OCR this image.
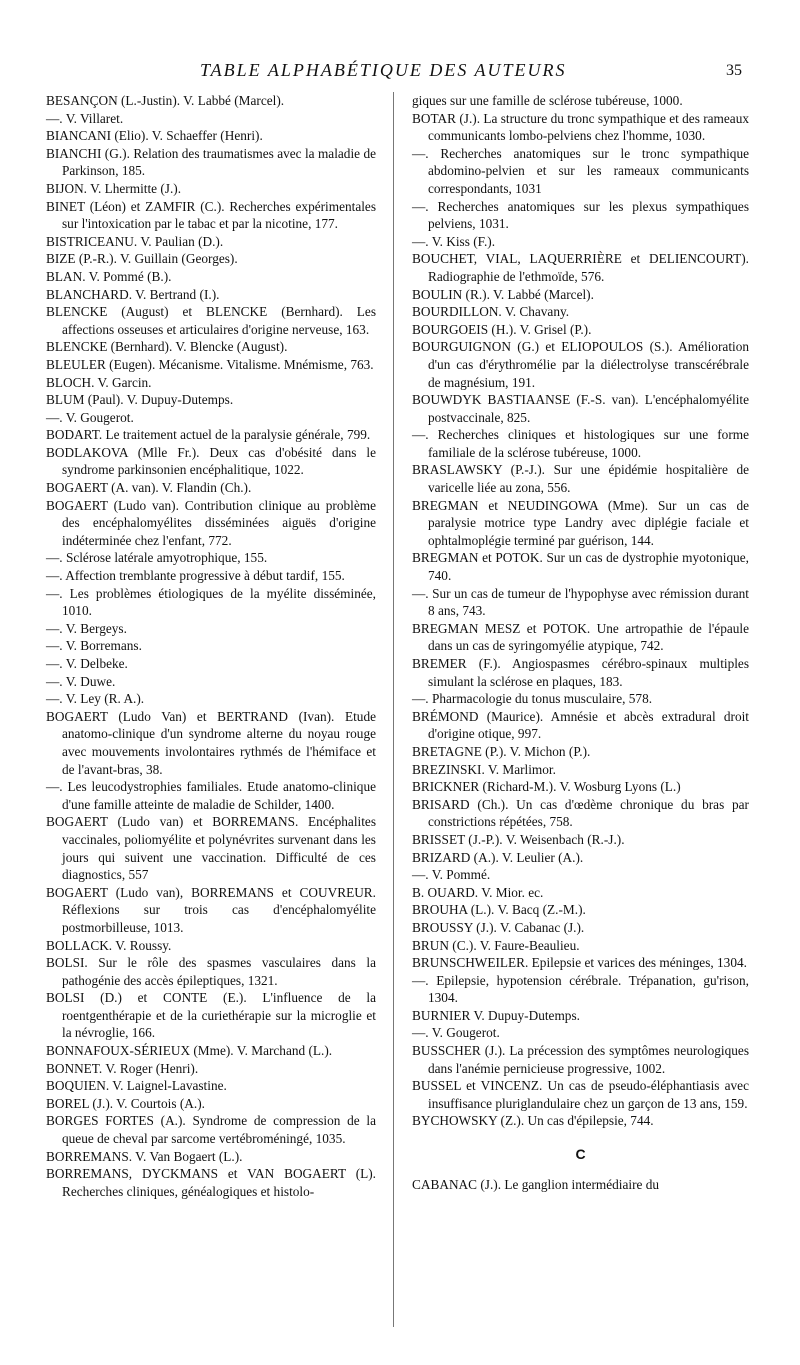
TABLE ALPHABÉTIQUE DES AUTEURS	35

BESANÇON (L.-Justin). V. Labbé (Marcel).

—. V. Villaret.

BIANCANI (Elio). V. Schaeffer (Henri).

BIANCHI (G.). Relation des traumatismes avec la maladie de Parkinson, 185.

BIJON. V. Lhermitte (J.).

BINET (Léon) et ZAMFIR (C.). Recherches expérimentales sur l'intoxication par le tabac et par la nicotine, 177.

BISTRICEANU. V. Paulian (D.).

BIZE (P.-R.). V. Guillain (Georges).

BLAN. V. Pommé (B.).

BLANCHARD. V. Bertrand (I.).

BLENCKE (August) et BLENCKE (Bernhard). Les affections osseuses et articulaires d'origine nerveuse, 163.

BLENCKE (Bernhard). V. Blencke (August).

BLEULER (Eugen). Mécanisme. Vitalisme. Mnémisme, 763.

BLOCH. V. Garcin.

BLUM (Paul). V. Dupuy-Dutemps.

—. V. Gougerot.

BODART. Le traitement actuel de la paralysie générale, 799.

BODLAKOVA (Mlle Fr.). Deux cas d'obésité dans le syndrome parkinsonien encéphalitique, 1022.

BOGAERT (A. van). V. Flandin (Ch.).

BOGAERT (Ludo van). Contribution clinique au problème des encéphalomyélites disséminées aiguës d'origine indéterminée chez l'enfant, 772.

—. Sclérose latérale amyotrophique, 155.

—. Affection tremblante progressive à début tardif, 155.

—. Les problèmes étiologiques de la myélite disséminée, 1010.

—. V. Bergeys.

—. V. Borremans.

—. V. Delbeke.

—. V. Duwe.

—. V. Ley (R. A.).

BOGAERT (Ludo Van) et BERTRAND (Ivan). Etude anatomo-clinique d'un syndrome alterne du noyau rouge avec mouvements involontaires rythmés de l'hémiface et de l'avant-bras, 38.

—. Les leucodystrophies familiales. Etude anatomo-clinique d'une famille atteinte de maladie de Schilder, 1400.

BOGAERT (Ludo van) et BORREMANS. Encéphalites vaccinales, poliomyélite et polynévrites survenant dans les jours qui suivent une vaccination. Difficulté de ces diagnostics, 557

BOGAERT (Ludo van), BORREMANS et COUVREUR. Réflexions sur trois cas d'encéphalomyélite postmorbilleuse, 1013.

BOLLACK. V. Roussy.

BOLSI. Sur le rôle des spasmes vasculaires dans la pathogénie des accès épileptiques, 1321.

BOLSI (D.) et CONTE (E.). L'influence de la roentgenthérapie et de la curiethérapie sur la microglie et la névroglie, 166.

BONNAFOUX-SÉRIEUX (Mme). V. Marchand (L.).

BONNET. V. Roger (Henri).

BOQUIEN. V. Laignel-Lavastine.

BOREL (J.). V. Courtois (A.).

BORGES FORTES (A.). Syndrome de compression de la queue de cheval par sarcome vertébroméningé, 1035.

BORREMANS. V. Van Bogaert (L.).

BORREMANS, DYCKMANS et VAN BOGAERT (L). Recherches cliniques, généalogiques et histolo-

giques sur une famille de sclérose tubéreuse, 1000.

BOTAR (J.). La structure du tronc sympathique et des rameaux communicants lombo-pelviens chez l'homme, 1030.

—. Recherches anatomiques sur le tronc sympathique abdomino-pelvien et sur les rameaux communicants correspondants, 1031

—. Recherches anatomiques sur les plexus sympathiques pelviens, 1031.

—. V. Kiss (F.).

BOUCHET, VIAL, LAQUERRIÈRE et DELIENCOURT). Radiographie de l'ethmoïde, 576.

BOULIN (R.). V. Labbé (Marcel).

BOURDILLON. V. Chavany.

BOURGOEIS (H.). V. Grisel (P.).

BOURGUIGNON (G.) et ELIOPOULOS (S.). Amélioration d'un cas d'érythromélie par la diélectrolyse transcérébrale de magnésium, 191.

BOUWDYK BASTIAANSE (F.-S. van). L'encéphalomyélite postvaccinale, 825.

—. Recherches cliniques et histologiques sur une forme familiale de la sclérose tubéreuse, 1000.

BRASLAWSKY (P.-J.). Sur une épidémie hospitalière de varicelle liée au zona, 556.

BREGMAN et NEUDINGOWA (Mme). Sur un cas de paralysie motrice type Landry avec diplégie faciale et ophtalmoplégie terminé par guérison, 144.

BREGMAN et POTOK. Sur un cas de dystrophie myotonique, 740.

—. Sur un cas de tumeur de l'hypophyse avec rémission durant 8 ans, 743.

BREGMAN MESZ et POTOK. Une artropathie de l'épaule dans un cas de syringomyélie atypique, 742.

BREMER (F.). Angiospasmes cérébro-spinaux multiples simulant la sclérose en plaques, 183.

—. Pharmacologie du tonus musculaire, 578.

BRÉMOND (Maurice). Amnésie et abcès extradural droit d'origine otique, 997.

BRETAGNE (P.). V. Michon (P.).

BREZINSKI. V. Marlimor.

BRICKNER (Richard-M.). V. Wosburg Lyons (L.)

BRISARD (Ch.). Un cas d'œdème chronique du bras par constrictions répétées, 758.

BRISSET (J.-P.). V. Weisenbach (R.-J.).

BRIZARD (A.). V. Leulier (A.).

—. V. Pommé.

B. OUARD. V. Mior. ec.

BROUHA (L.). V. Bacq (Z.-M.).

BROUSSY (J.). V. Cabanac (J.).

BRUN (C.). V. Faure-Beaulieu.

BRUNSCHWEILER. Epilepsie et varices des méninges, 1304.

—. Epilepsie, hypotension cérébrale. Trépanation, gu'rison, 1304.

BURNIER V. Dupuy-Dutemps.

—. V. Gougerot.

BUSSCHER (J.). La précession des symptômes neurologiques dans l'anémie pernicieuse progressive, 1002.

BUSSEL et VINCENZ. Un cas de pseudo-éléphantiasis avec insuffisance pluriglandulaire chez un garçon de 13 ans, 159.

BYCHOWSKY (Z.). Un cas d'épilepsie, 744.

C

CABANAC (J.). Le ganglion intermédiaire du
